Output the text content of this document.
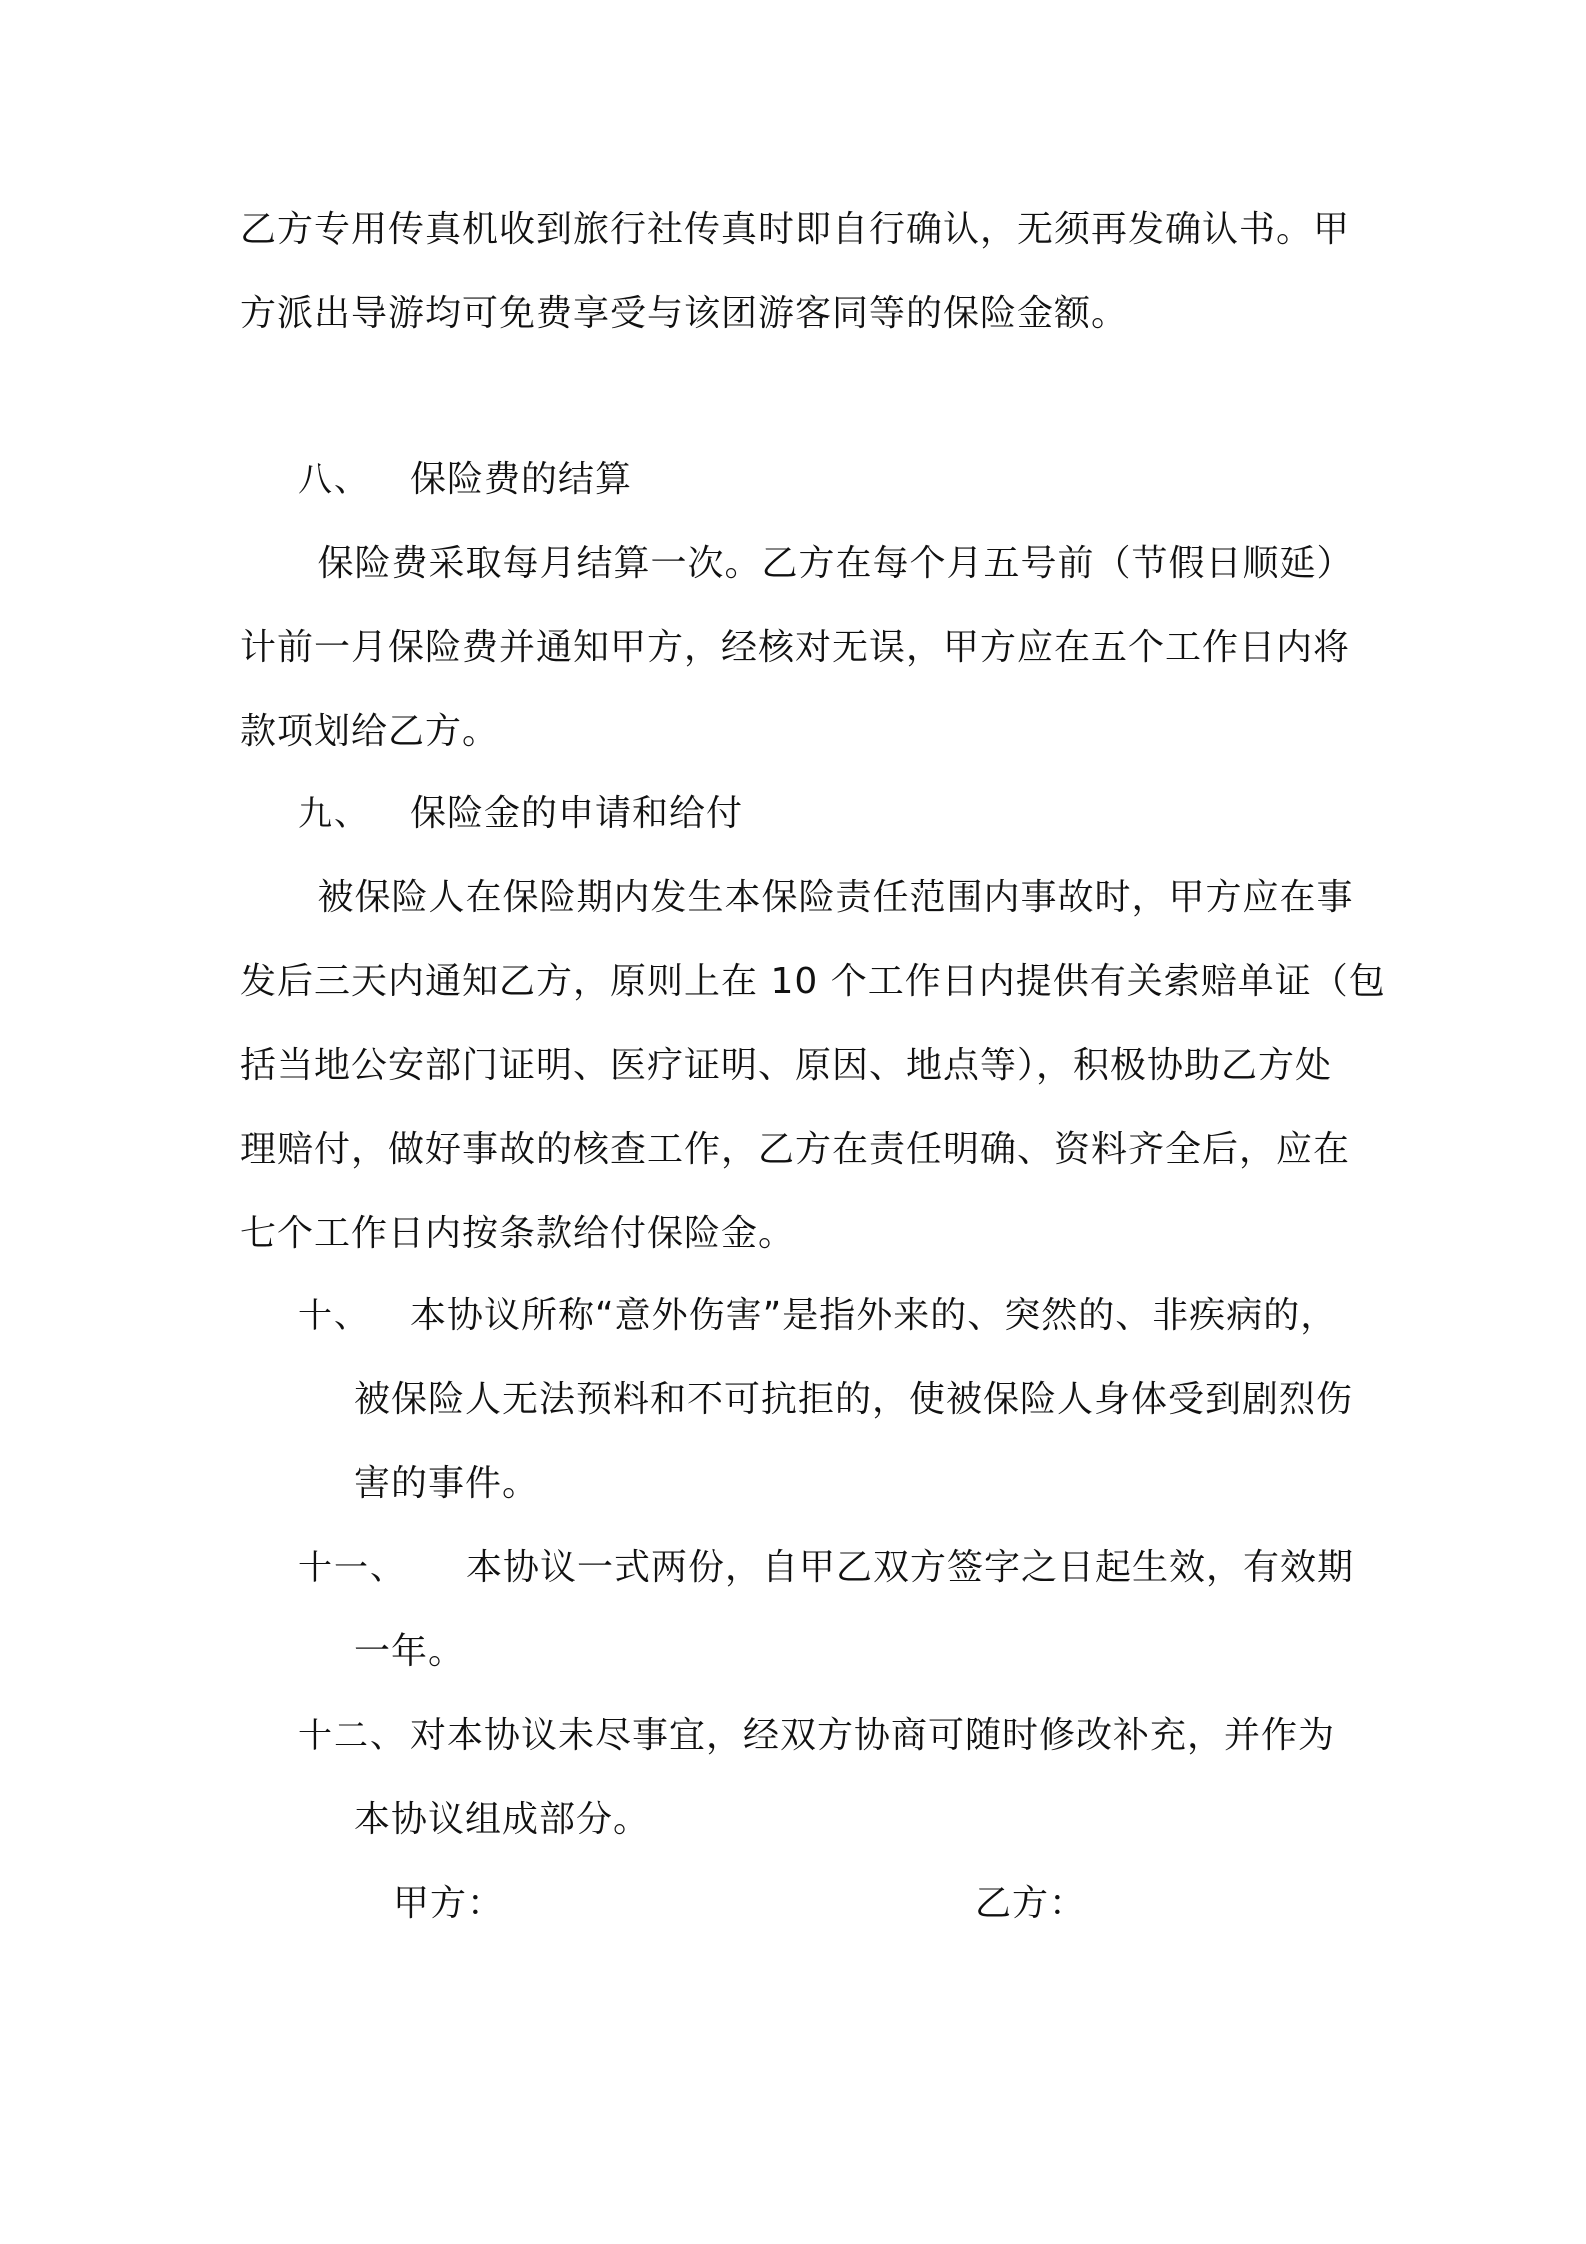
乙方专用传真机收到旅行社传真时即自行确认，无须再发确认书。甲
方派出导游均可免费享受与该团游客同等的保险金额。
八、 保险费的结算
保险费采取每月结算一次。乙方在每个月五号前（节假日顺延）
计前一月保险费并通知甲方，经核对无误，甲方应在五个工作日内将
款项划给乙方。
九、 保险金的申请和给付
被保险人在保险期内发生本保险责任范围内事故时，甲方应在事
发后三天内通知乙方，原则上在 10 个工作日内提供有关索赔单证（包
括当地公安部门证明、医疗证明、原因、地点等），积极协助乙方处
理赔付，做好事故的核查工作，乙方在责任明确、资料齐全后，应在
七个工作日内按条款给付保险金。
十、 本协议所称“意外伤害”是指外来的、突然的、非疾病的，
被保险人无法预料和不可抗拒的，使被保险人身体受到剧烈伤
害的事件。
十一、 本协议一式两份，自甲乙双方签字之日起生效，有效期
一年。
十二、 对本协议未尽事宜，经双方协商可随时修改补充，并作为
本协议组成部分。
甲方：	乙方：
